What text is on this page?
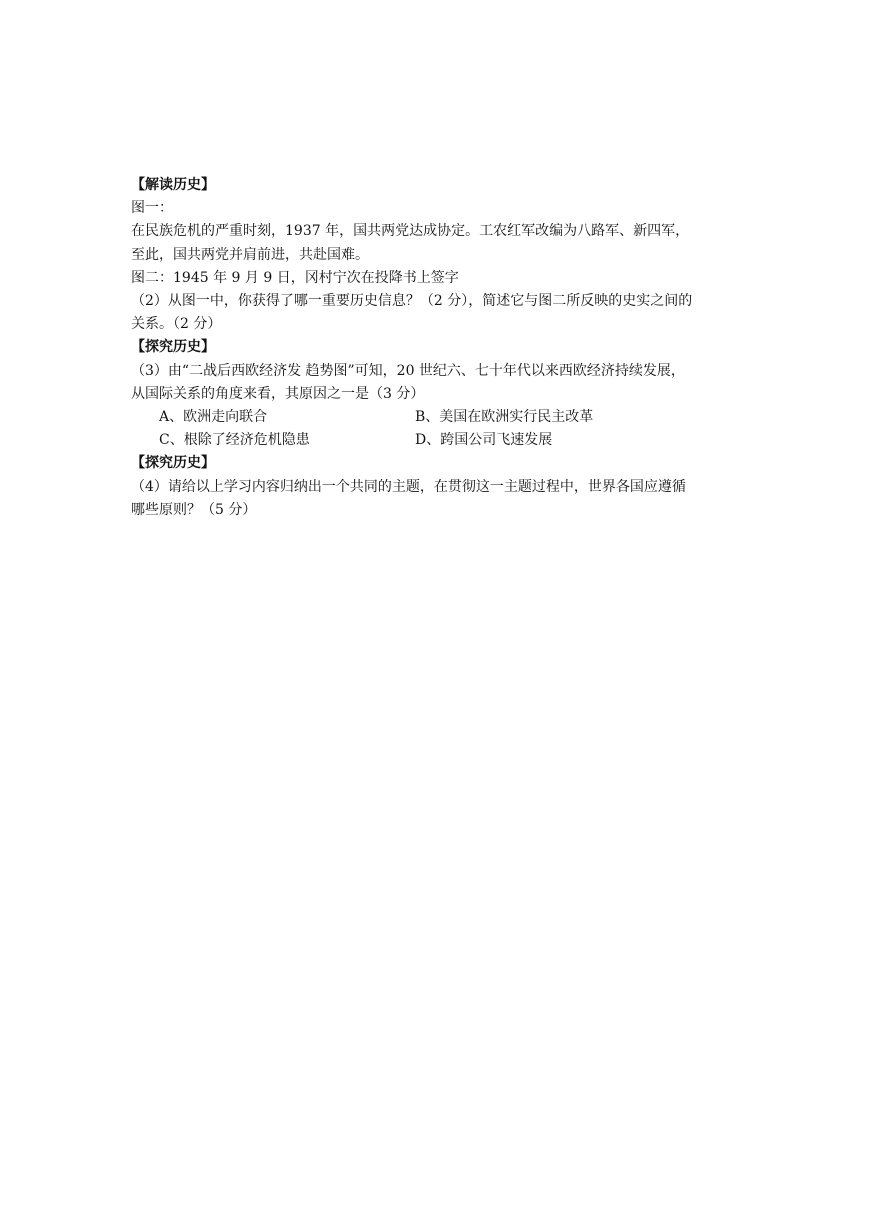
【解读历史】
图一：
在民族危机的严重时刻，1937 年，国共两党达成协定。工农红军改编为八路军、新四军，
至此，国共两党并肩前进，共赴国难。
图二：1945 年 9 月 9 日，冈村宁次在投降书上签字
（2）从图一中，你获得了哪一重要历史信息？（2 分），简述它与图二所反映的史实之间的
关系。（2 分）
【探究历史】
（3）由“二战后西欧经济发 趋势图”可知，20 世纪六、七十年代以来西欧经济持续发展，
从国际关系的角度来看，其原因之一是（3 分）
A、欧洲走向联合	B、美国在欧洲实行民主改革
C、根除了经济危机隐患	D、跨国公司飞速发展
【探究历史】
（4）请给以上学习内容归纳出一个共同的主题，在贯彻这一主题过程中，世界各国应遵循
哪些原则？（5 分）
